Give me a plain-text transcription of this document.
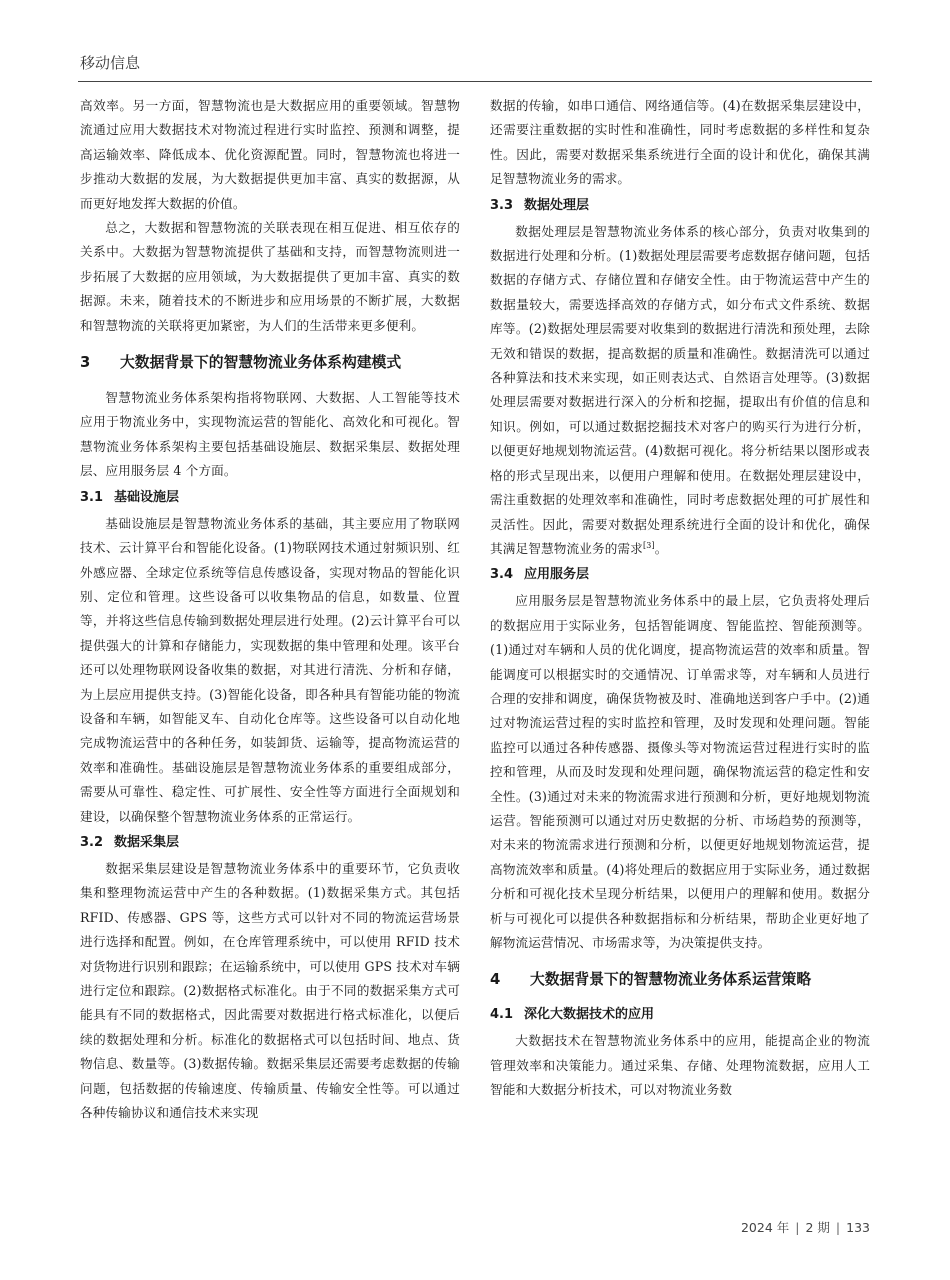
移动信息

高效率。另一方面，智慧物流也是大数据应用的重要领域。智慧物流通过应用大数据技术对物流过程进行实时监控、预测和调整，提高运输效率、降低成本、优化资源配置。同时，智慧物流也将进一步推动大数据的发展，为大数据提供更加丰富、真实的数据源，从而更好地发挥大数据的价值。

总之，大数据和智慧物流的关联表现在相互促进、相互依存的关系中。大数据为智慧物流提供了基础和支持，而智慧物流则进一步拓展了大数据的应用领域，为大数据提供了更加丰富、真实的数据源。未来，随着技术的不断进步和应用场景的不断扩展，大数据和智慧物流的关联将更加紧密，为人们的生活带来更多便利。

3 大数据背景下的智慧物流业务体系构建模式

智慧物流业务体系架构指将物联网、大数据、人工智能等技术应用于物流业务中，实现物流运营的智能化、高效化和可视化。智慧物流业务体系架构主要包括基础设施层、数据采集层、数据处理层、应用服务层 4 个方面。

3.1 基础设施层

基础设施层是智慧物流业务体系的基础，其主要应用了物联网技术、云计算平台和智能化设备。(1)物联网技术通过射频识别、红外感应器、全球定位系统等信息传感设备，实现对物品的智能化识别、定位和管理。这些设备可以收集物品的信息，如数量、位置等，并将这些信息传输到数据处理层进行处理。(2)云计算平台可以提供强大的计算和存储能力，实现数据的集中管理和处理。该平台还可以处理物联网设备收集的数据，对其进行清洗、分析和存储，为上层应用提供支持。(3)智能化设备，即各种具有智能功能的物流设备和车辆，如智能叉车、自动化仓库等。这些设备可以自动化地完成物流运营中的各种任务，如装卸货、运输等，提高物流运营的效率和准确性。基础设施层是智慧物流业务体系的重要组成部分，需要从可靠性、稳定性、可扩展性、安全性等方面进行全面规划和建设，以确保整个智慧物流业务体系的正常运行。

3.2 数据采集层

数据采集层建设是智慧物流业务体系中的重要环节，它负责收集和整理物流运营中产生的各种数据。(1)数据采集方式。其包括 RFID、传感器、GPS 等，这些方式可以针对不同的物流运营场景进行选择和配置。例如，在仓库管理系统中，可以使用 RFID 技术对货物进行识别和跟踪；在运输系统中，可以使用 GPS 技术对车辆进行定位和跟踪。(2)数据格式标准化。由于不同的数据采集方式可能具有不同的数据格式，因此需要对数据进行格式标准化，以便后续的数据处理和分析。标准化的数据格式可以包括时间、地点、货物信息、数量等。(3)数据传输。数据采集层还需要考虑数据的传输问题，包括数据的传输速度、传输质量、传输安全性等。可以通过各种传输协议和通信技术来实现

数据的传输，如串口通信、网络通信等。(4)在数据采集层建设中，还需要注重数据的实时性和准确性，同时考虑数据的多样性和复杂性。因此，需要对数据采集系统进行全面的设计和优化，确保其满足智慧物流业务的需求。

3.3 数据处理层

数据处理层是智慧物流业务体系的核心部分，负责对收集到的数据进行处理和分析。(1)数据处理层需要考虑数据存储问题，包括数据的存储方式、存储位置和存储安全性。由于物流运营中产生的数据量较大，需要选择高效的存储方式，如分布式文件系统、数据库等。(2)数据处理层需要对收集到的数据进行清洗和预处理，去除无效和错误的数据，提高数据的质量和准确性。数据清洗可以通过各种算法和技术来实现，如正则表达式、自然语言处理等。(3)数据处理层需要对数据进行深入的分析和挖掘，提取出有价值的信息和知识。例如，可以通过数据挖掘技术对客户的购买行为进行分析，以便更好地规划物流运营。(4)数据可视化。将分析结果以图形或表格的形式呈现出来，以便用户理解和使用。在数据处理层建设中，需注重数据的处理效率和准确性，同时考虑数据处理的可扩展性和灵活性。因此，需要对数据处理系统进行全面的设计和优化，确保其满足智慧物流业务的需求[3]。

3.4 应用服务层

应用服务层是智慧物流业务体系中的最上层，它负责将处理后的数据应用于实际业务，包括智能调度、智能监控、智能预测等。(1)通过对车辆和人员的优化调度，提高物流运营的效率和质量。智能调度可以根据实时的交通情况、订单需求等，对车辆和人员进行合理的安排和调度，确保货物被及时、准确地送到客户手中。(2)通过对物流运营过程的实时监控和管理，及时发现和处理问题。智能监控可以通过各种传感器、摄像头等对物流运营过程进行实时的监控和管理，从而及时发现和处理问题，确保物流运营的稳定性和安全性。(3)通过对未来的物流需求进行预测和分析，更好地规划物流运营。智能预测可以通过对历史数据的分析、市场趋势的预测等，对未来的物流需求进行预测和分析，以便更好地规划物流运营，提高物流效率和质量。(4)将处理后的数据应用于实际业务，通过数据分析和可视化技术呈现分析结果，以便用户的理解和使用。数据分析与可视化可以提供各种数据指标和分析结果，帮助企业更好地了解物流运营情况、市场需求等，为决策提供支持。

4 大数据背景下的智慧物流业务体系运营策略
4.1 深化大数据技术的应用

大数据技术在智慧物流业务体系中的应用，能提高企业的物流管理效率和决策能力。通过采集、存储、处理物流数据，应用人工智能和大数据分析技术，可以对物流业务数

2024 年 | 2 期 | 133
